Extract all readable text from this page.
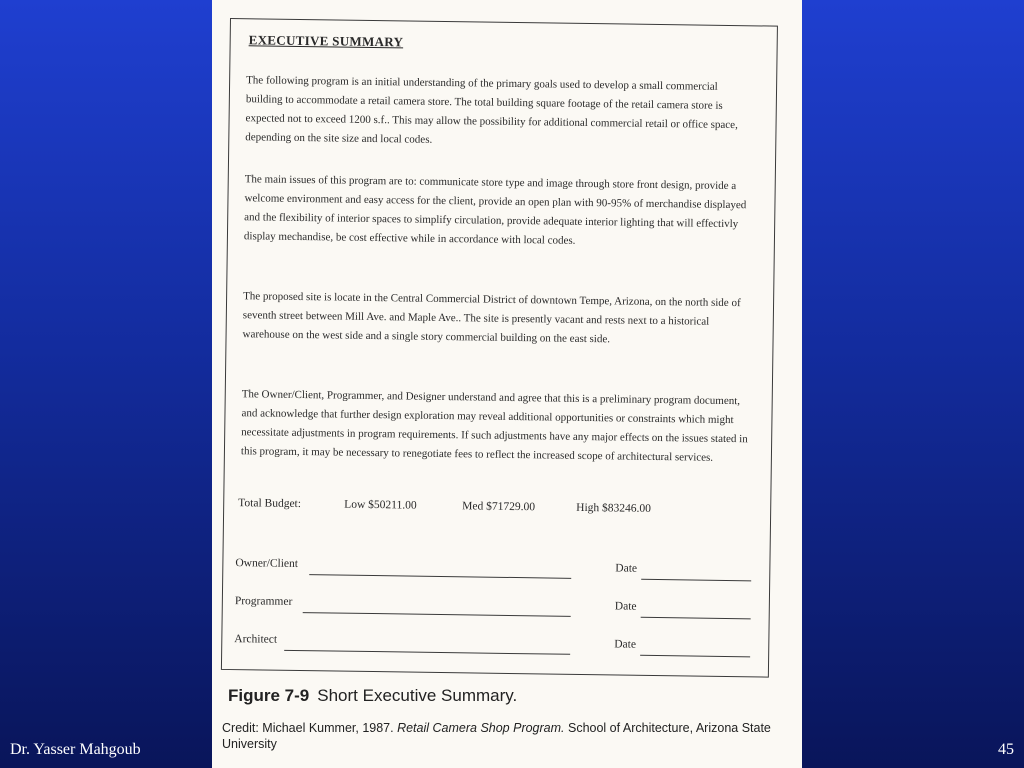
EXECUTIVE SUMMARY

The following program is an initial understanding of the primary goals used to develop a small commercial building to accommodate a retail camera store. The total building square footage of the retail camera store is expected not to exceed 1200 s.f.. This may allow the possibility for additional commercial retail or office space, depending on the site size and local codes.

The main issues of this program are to: communicate store type and image through store front design, provide a welcome environment and easy access for the client, provide an open plan with 90-95% of merchandise displayed and the flexibility of interior spaces to simplify circulation, provide adequate interior lighting that will effectivly display mechandise, be cost effective while in accordance with local codes.

The proposed site is locate in the Central Commercial District of downtown Tempe, Arizona, on the north side of seventh street between Mill Ave. and Maple Ave.. The site is presently vacant and rests next to a historical warehouse on the west side and a single story commercial building on the east side.

The Owner/Client, Programmer, and Designer understand and agree that this is a preliminary program document, and acknowledge that further design exploration may reveal additional opportunities or constraints which might necessitate adjustments in program requirements. If such adjustments have any major effects on the issues stated in this program, it may be necessary to renegotiate fees to reflect the increased scope of architectural services.

Total Budget:	Low $50211.00	Med $71729.00	High $83246.00
Owner/Client	Date
Programmer	Date
Architect	Date
Figure 7-9 Short Executive Summary.
Credit: Michael Kummer, 1987. Retail Camera Shop Program. School of Architecture, Arizona State University
Dr. Yasser Mahgoub	45
